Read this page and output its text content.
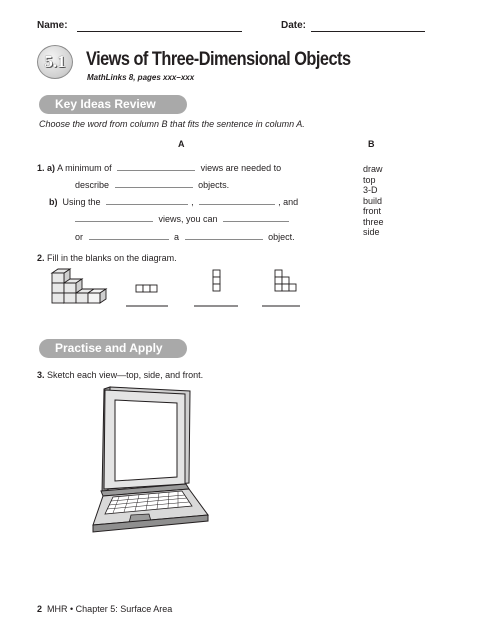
Name:	Date:
5.1	Views of Three-Dimensional Objects
MathLinks 8, pages xxx–xxx
Key Ideas Review
Choose the word from column B that fits the sentence in column A.
A	B
1. a) A minimum of	views are needed to
describe	objects.
b) Using the	,	, and
views, you can
or	a	object.
draw
top
3-D
build
front
three
side
2. Fill in the blanks on the diagram.
Practise and Apply
3. Sketch each view—top, side, and front.
2 MHR • Chapter 5: Surface Area
